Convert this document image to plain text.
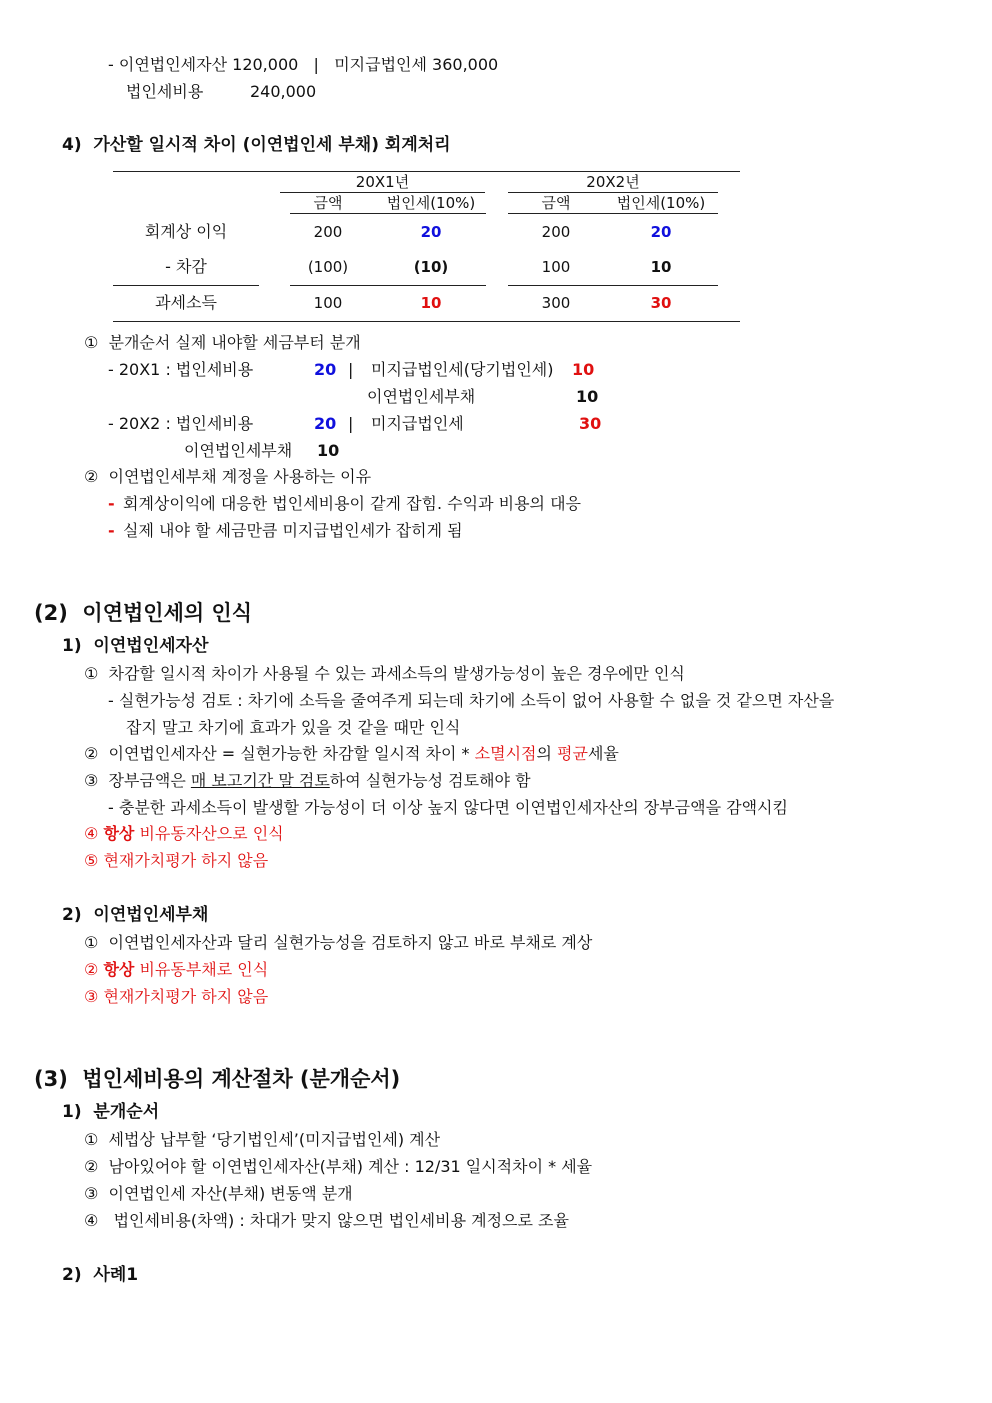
- 이연법인세자산 120,000   |   미지급법인세 360,000
법인세비용	240,000
4)  가산할 일시적 차이 (이연법인세 부채) 회계처리
20X1년	20X2년
금액	법인세(10%)	금액	법인세(10%)
회계상 이익	200	20	200	20
- 차감	(100)	(10)	100	10
과세소득	100	10	300	30
①  분개순서 실제 내야할 세금부터 분개
- 20X1 : 법인세비용	20 | 미지급법인세(당기법인세) 10
이연법인세부채	10
- 20X2 : 법인세비용	20 | 미지급법인세	30
이연법인세부채 10
②  이연법인세부채 계정을 사용하는 이유
- 회계상이익에 대응한 법인세비용이 같게 잡힘. 수익과 비용의 대응
- 실제 내야 할 세금만큼 미지급법인세가 잡히게 됨
(2)  이연법인세의 인식
1)  이연법인세자산
①  차감할 일시적 차이가 사용될 수 있는 과세소득의 발생가능성이 높은 경우에만 인식
- 실현가능성 검토 : 차기에 소득을 줄여주게 되는데 차기에 소득이 없어 사용할 수 없을 것 같으면 자산을
잡지 말고 차기에 효과가 있을 것 같을 때만 인식
②  이연법인세자산 = 실현가능한 차감할 일시적 차이 * 소멸시점의 평균세율
③  장부금액은 매 보고기간 말 검토하여 실현가능성 검토해야 함
- 충분한 과세소득이 발생할 가능성이 더 이상 높지 않다면 이연법인세자산의 장부금액을 감액시킴
④ 항상 비유동자산으로 인식
⑤ 현재가치평가 하지 않음
2)  이연법인세부채
①  이연법인세자산과 달리 실현가능성을 검토하지 않고 바로 부채로 계상
② 항상 비유동부채로 인식
③ 현재가치평가 하지 않음
(3)  법인세비용의 계산절차 (분개순서)
1)  분개순서
①  세법상 납부할 ‘당기법인세’(미지급법인세) 계산
②  남아있어야 할 이연법인세자산(부채) 계산 : 12/31 일시적차이 * 세율
③  이연법인세 자산(부채) 변동액 분개
④   법인세비용(차액) : 차대가 맞지 않으면 법인세비용 계정으로 조율
2)  사례1
